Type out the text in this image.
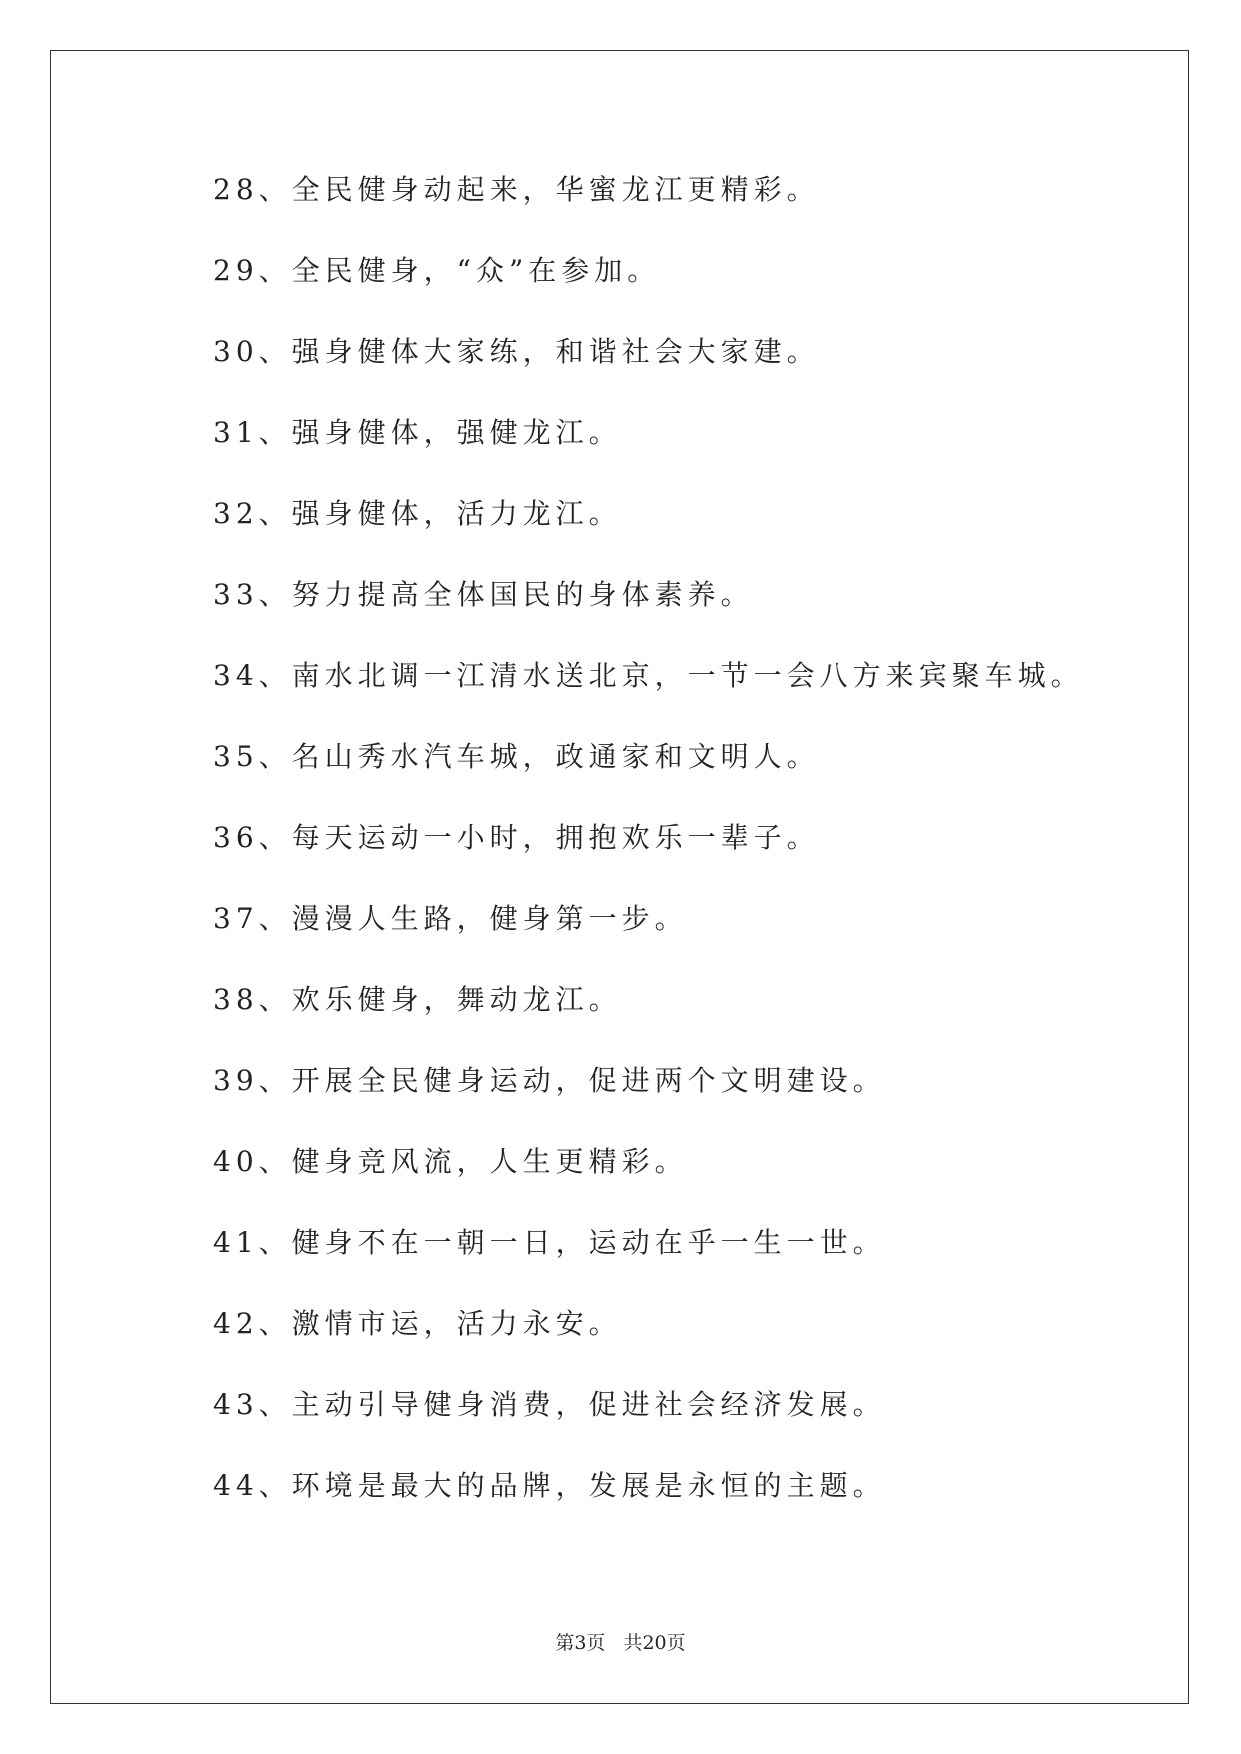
28、全民健身动起来，华蜜龙江更精彩。
29、全民健身，“众”在参加。
30、强身健体大家练，和谐社会大家建。
31、强身健体，强健龙江。
32、强身健体，活力龙江。
33、努力提高全体国民的身体素养。
34、南水北调一江清水送北京，一节一会八方来宾聚车城。
35、名山秀水汽车城，政通家和文明人。
36、每天运动一小时，拥抱欢乐一辈子。
37、漫漫人生路，健身第一步。
38、欢乐健身，舞动龙江。
39、开展全民健身运动，促进两个文明建设。
40、健身竞风流，人生更精彩。
41、健身不在一朝一日，运动在乎一生一世。
42、激情市运，活力永安。
43、主动引导健身消费，促进社会经济发展。
44、环境是最大的品牌，发展是永恒的主题。
第3页 共20页
